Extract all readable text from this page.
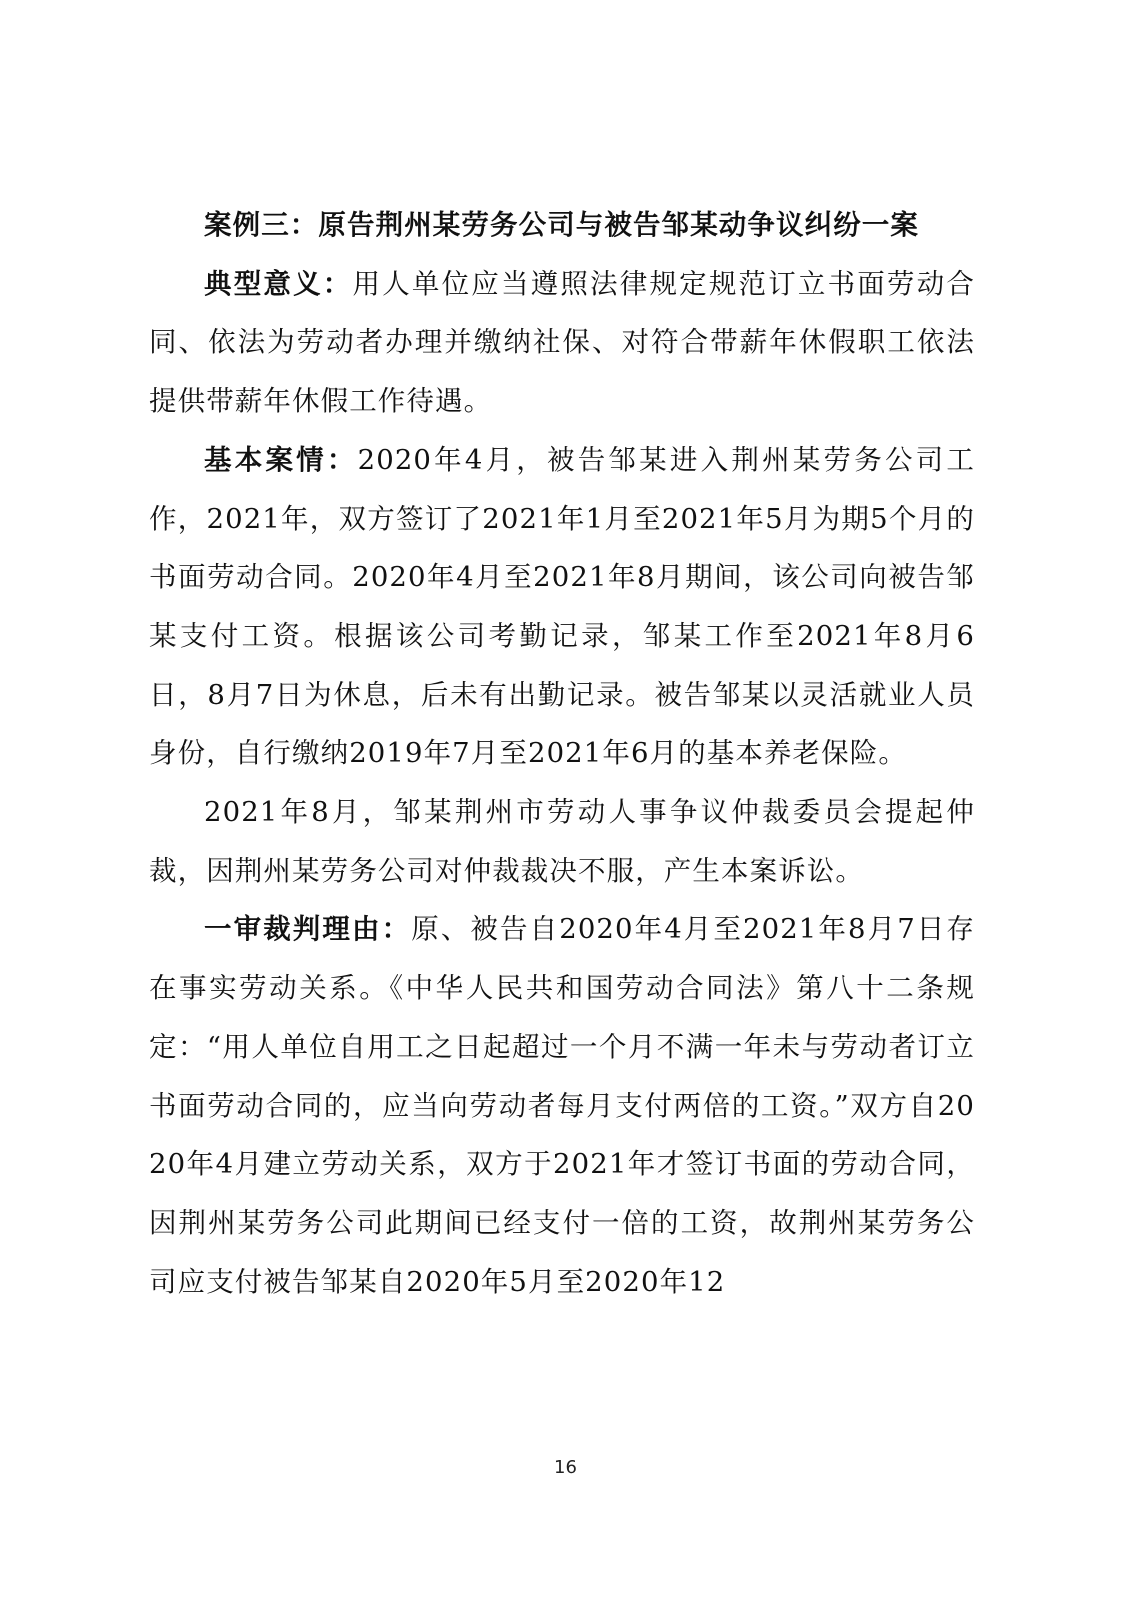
案例三：原告荆州某劳务公司与被告邹某动争议纠纷一案

典型意义：用人单位应当遵照法律规定规范订立书面劳动合同、依法为劳动者办理并缴纳社保、对符合带薪年休假职工依法提供带薪年休假工作待遇。

基本案情：2020年4月，被告邹某进入荆州某劳务公司工作，2021年，双方签订了2021年1月至2021年5月为期5个月的书面劳动合同。2020年4月至2021年8月期间，该公司向被告邹某支付工资。根据该公司考勤记录，邹某工作至2021年8月6日，8月7日为休息，后未有出勤记录。被告邹某以灵活就业人员身份，自行缴纳2019年7月至2021年6月的基本养老保险。

2021年8月，邹某荆州市劳动人事争议仲裁委员会提起仲裁，因荆州某劳务公司对仲裁裁决不服，产生本案诉讼。

一审裁判理由：原、被告自2020年4月至2021年8月7日存在事实劳动关系。《中华人民共和国劳动合同法》第八十二条规定：“用人单位自用工之日起超过一个月不满一年未与劳动者订立书面劳动合同的，应当向劳动者每月支付两倍的工资。”双方自2020年4月建立劳动关系，双方于2021年才签订书面的劳动合同，因荆州某劳务公司此期间已经支付一倍的工资，故荆州某劳务公司应支付被告邹某自2020年5月至2020年12

16
